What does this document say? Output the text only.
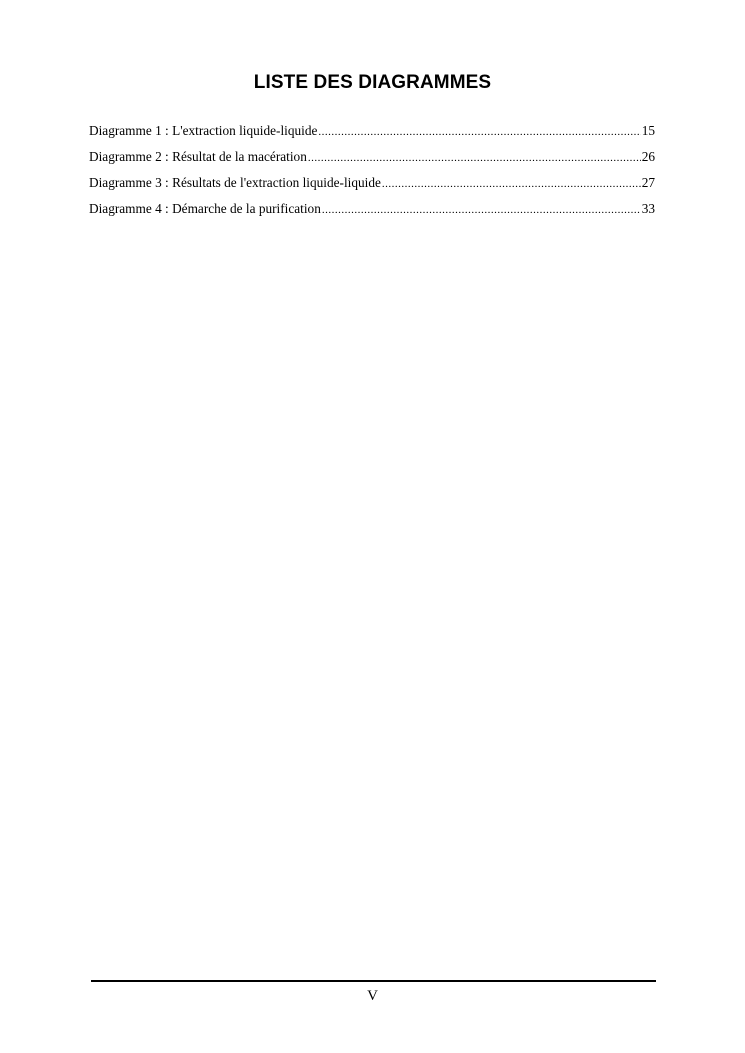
LISTE DES DIAGRAMMES
Diagramme 1 : L'extraction liquide-liquide .....	15
Diagramme 2 : Résultat de la macération .....	26
Diagramme 3 : Résultats de l'extraction liquide-liquide .....	27
Diagramme 4 : Démarche de la purification .....	33
V
